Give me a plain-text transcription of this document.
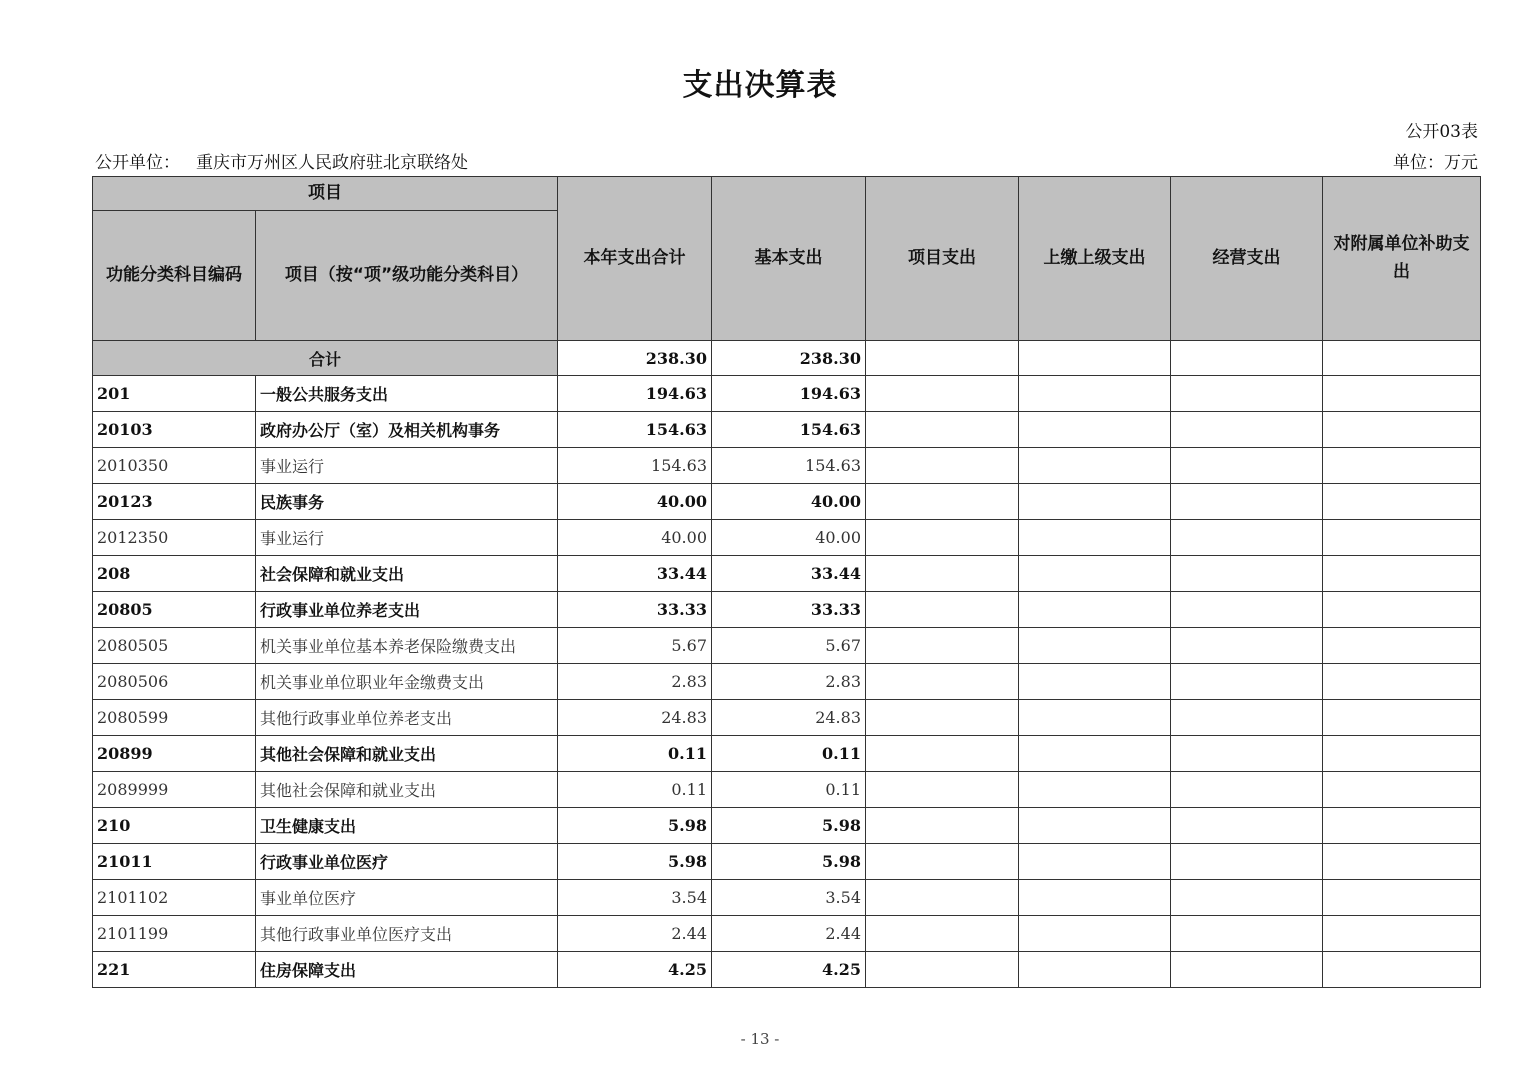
支出决算表
公开03表
公开单位： 重庆市万州区人民政府驻北京联络处	单位：万元
项目		本年支出合计	基本支出	项目支出	上缴上级支出	经营支出	对附属单位补助支出
功能分类科目编码	项目（按“项”级功能分类科目）						
合计		238.30	238.30				
201	一般公共服务支出	194.63	194.63				
20103	政府办公厅（室）及相关机构事务	154.63	154.63				
2010350	事业运行	154.63	154.63				
20123	民族事务	40.00	40.00				
2012350	事业运行	40.00	40.00				
208	社会保障和就业支出	33.44	33.44				
20805	行政事业单位养老支出	33.33	33.33				
2080505	机关事业单位基本养老保险缴费支出	5.67	5.67				
2080506	机关事业单位职业年金缴费支出	2.83	2.83				
2080599	其他行政事业单位养老支出	24.83	24.83				
20899	其他社会保障和就业支出	0.11	0.11				
2089999	其他社会保障和就业支出	0.11	0.11				
210	卫生健康支出	5.98	5.98				
21011	行政事业单位医疗	5.98	5.98				
2101102	事业单位医疗	3.54	3.54				
2101199	其他行政事业单位医疗支出	2.44	2.44				
221	住房保障支出	4.25	4.25				
- 13 -
